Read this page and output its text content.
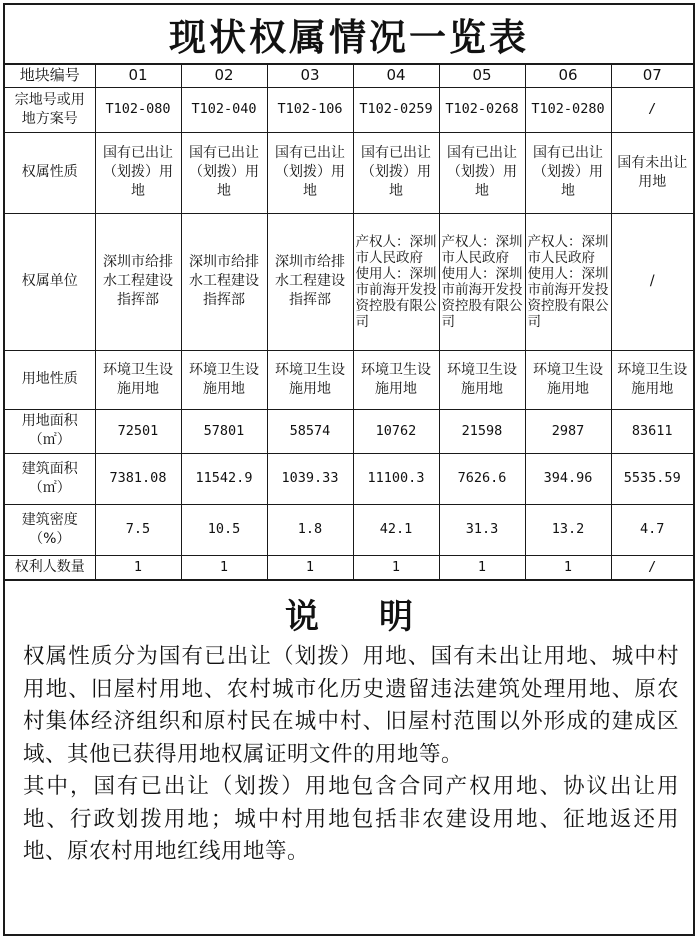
现状权属情况一览表
地块编号	01	02	03	04	05	06	07
宗地号或用地方案号	T102-080	T102-040	T102-106	T102-0259	T102-0268	T102-0280	/
权属性质	国有已出让（划拨）用地	国有已出让（划拨）用地	国有已出让（划拨）用地	国有已出让（划拨）用地	国有已出让（划拨）用地	国有已出让（划拨）用地	国有未出让用地
权属单位	深圳市给排水工程建设指挥部	深圳市给排水工程建设指挥部	深圳市给排水工程建设指挥部	产权人：深圳市人民政府 使用人：深圳市前海开发投资控股有限公司	产权人：深圳市人民政府 使用人：深圳市前海开发投资控股有限公司	产权人：深圳市人民政府 使用人：深圳市前海开发投资控股有限公司	/
用地性质	环境卫生设施用地	环境卫生设施用地	环境卫生设施用地	环境卫生设施用地	环境卫生设施用地	环境卫生设施用地	环境卫生设施用地
用地面积（㎡）	72501	57801	58574	10762	21598	2987	83611
建筑面积（㎡）	7381.08	11542.9	1039.33	11100.3	7626.6	394.96	5535.59
建筑密度（%）	7.5	10.5	1.8	42.1	31.3	13.2	4.7
权利人数量	1	1	1	1	1	1	/
说明

权属性质分为国有已出让（划拨）用地、国有未出让用地、城中村用地、旧屋村用地、农村城市化历史遗留违法建筑处理用地、原农村集体经济组织和原村民在城中村、旧屋村范围以外形成的建成区域、其他已获得用地权属证明文件的用地等。

其中，国有已出让（划拨）用地包含合同产权用地、协议出让用地、行政划拨用地；城中村用地包括非农建设用地、征地返还用地、原农村用地红线用地等。
